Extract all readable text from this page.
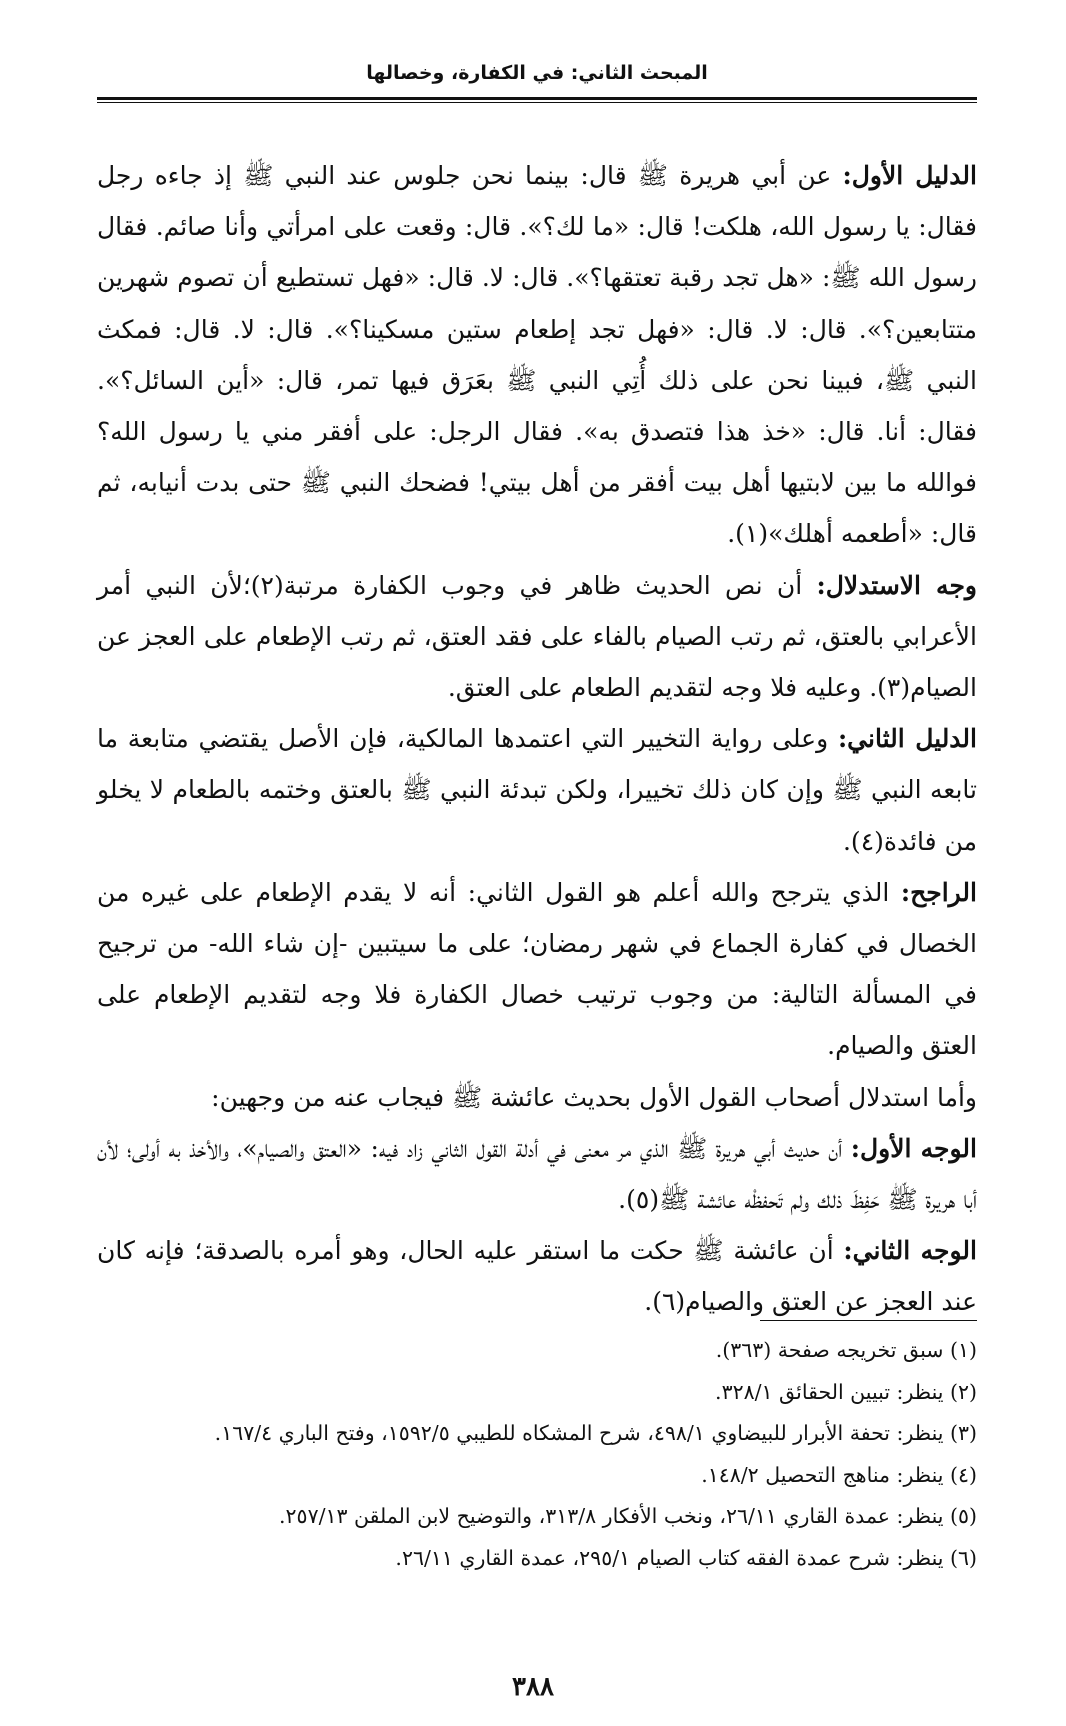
المبحث الثاني: في الكفارة، وخصالها

الدليل الأول: عن أبي هريرة ﷺ قال: بينما نحن جلوس عند النبي ﷺ إذ جاءه رجل فقال: يا رسول الله، هلكت! قال: «ما لك؟». قال: وقعت على امرأتي وأنا صائم. فقال رسول الله ﷺ: «هل تجد رقبة تعتقها؟». قال: لا. قال: «فهل تستطيع أن تصوم شهرين متتابعين؟». قال: لا. قال: «فهل تجد إطعام ستين مسكينا؟». قال: لا. قال: فمكث النبي ﷺ، فبينا نحن على ذلك أُتِي النبي ﷺ بعَرَق فيها تمر، قال: «أين السائل؟». فقال: أنا. قال: «خذ هذا فتصدق به». فقال الرجل: على أفقر مني يا رسول الله؟ فوالله ما بين لابتيها أهل بيت أفقر من أهل بيتي! فضحك النبي ﷺ حتى بدت أنيابه، ثم قال: «أطعمه أهلك»(١).

وجه الاستدلال: أن نص الحديث ظاهر في وجوب الكفارة مرتبة(٢)؛لأن النبي أمر الأعرابي بالعتق، ثم رتب الصيام بالفاء على فقد العتق، ثم رتب الإطعام على العجز عن الصيام(٣). وعليه فلا وجه لتقديم الطعام على العتق.

الدليل الثاني: وعلى رواية التخيير التي اعتمدها المالكية، فإن الأصل يقتضي متابعة ما تابعه النبي ﷺ وإن كان ذلك تخييرا، ولكن تبدئة النبي ﷺ بالعتق وختمه بالطعام لا يخلو من فائدة(٤).

الراجح: الذي يترجح والله أعلم هو القول الثاني: أنه لا يقدم الإطعام على غيره من الخصال في كفارة الجماع في شهر رمضان؛ على ما سيتبين -إن شاء الله- من ترجيح في المسألة التالية: من وجوب ترتيب خصال الكفارة فلا وجه لتقديم الإطعام على العتق والصيام.

وأما استدلال أصحاب القول الأول بحديث عائشة ﷺ فيجاب عنه من وجهين:

الوجه الأول: أن حديث أبي هريرة ﷺ الذي مر معنى في أدلة القول الثاني زاد فيه: «العتق والصيام»، والأخذ به أولى؛ لأن أبا هريرة ﷺ حَفِظَ ذلك ولم تَحفظْه عائشة ﷺ(٥).

الوجه الثاني: أن عائشة ﷺ حكت ما استقر عليه الحال، وهو أمره بالصدقة؛ فإنه كان عند العجز عن العتق والصيام(٦).

(١) سبق تخريجه صفحة (٣٦٣).
(٢) ينظر: تبيين الحقائق ٣٢٨/١.
(٣) ينظر: تحفة الأبرار للبيضاوي ٤٩٨/١، شرح المشكاه للطيبي ١٥٩٢/٥، وفتح الباري ١٦٧/٤.
(٤) ينظر: مناهج التحصيل ١٤٨/٢.
(٥) ينظر: عمدة القاري ٢٦/١١، ونخب الأفكار ٣١٣/٨، والتوضيح لابن الملقن ٢٥٧/١٣.
(٦) ينظر: شرح عمدة الفقه كتاب الصيام ٢٩٥/١، عمدة القاري ٢٦/١١.
٣٨٨
